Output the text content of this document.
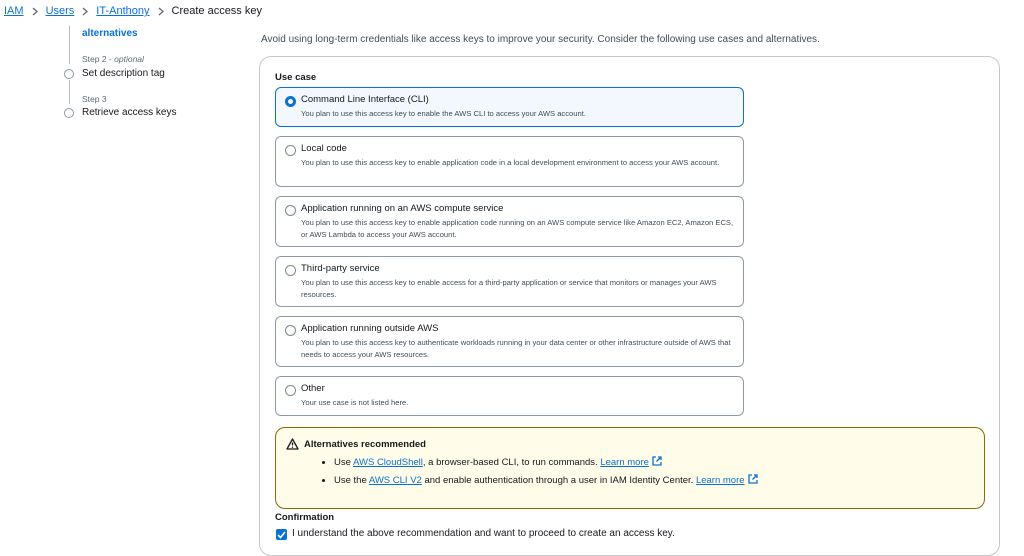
IAM Users IT-Anthony Create access key
alternatives
Step 2 - optional
Set description tag
Step 3
Retrieve access keys
Avoid using long-term credentials like access keys to improve your security. Consider the following use cases and alternatives.
Use case
Command Line Interface (CLI)
You plan to use this access key to enable the AWS CLI to access your AWS account.
Local code
You plan to use this access key to enable application code in a local development environment to access your AWS account.
Application running on an AWS compute service
You plan to use this access key to enable application code running on an AWS compute service like Amazon EC2, Amazon ECS, or AWS Lambda to access your AWS account.
Third-party service
You plan to use this access key to enable access for a third-party application or service that monitors or manages your AWS resources.
Application running outside AWS
You plan to use this access key to authenticate workloads running in your data center or other infrastructure outside of AWS that needs to access your AWS resources.
Other
Your use case is not listed here.
Alternatives recommended
• Use AWS CloudShell, a browser-based CLI, to run commands. Learn more
• Use the AWS CLI V2 and enable authentication through a user in IAM Identity Center. Learn more
Confirmation
I understand the above recommendation and want to proceed to create an access key.
